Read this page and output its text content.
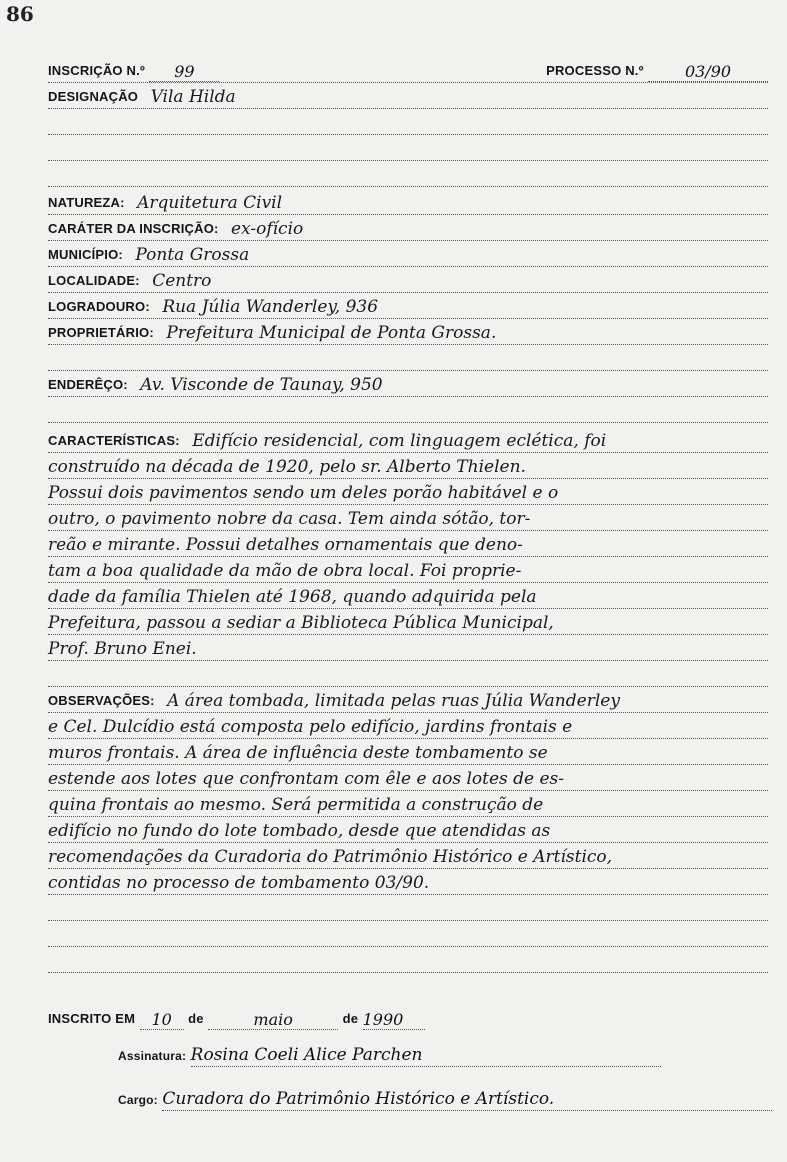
86
INSCRIÇÃO N.º 99	PROCESSO N.º	03/90
DESIGNAÇÃO Vila Hilda
NATUREZA: Arquitetura Civil
CARÁTER DA INSCRIÇÃO: ex-ofício
MUNICÍPIO: Ponta Grossa
LOCALIDADE: Centro
LOGRADOURO: Rua Júlia Wanderley, 936
PROPRIETÁRIO: Prefeitura Municipal de Ponta Grossa.
ENDERÊÇO: Av. Visconde de Taunay, 950
CARACTERÍSTICAS: Edifício residencial, com linguagem eclética, foi
construído na década de 1920, pelo sr. Alberto Thielen.
Possui dois pavimentos sendo um deles porão habitável e o
outro, o pavimento nobre da casa. Tem ainda sótão, tor-
reão e mirante. Possui detalhes ornamentais que deno-
tam a boa qualidade da mão de obra local. Foi proprie-
dade da família Thielen até 1968, quando adquirida pela
Prefeitura, passou a sediar a Biblioteca Pública Municipal,
Prof. Bruno Enei.
OBSERVAÇÕES: A área tombada, limitada pelas ruas Júlia Wanderley
e Cel. Dulcídio está composta pelo edifício, jardins frontais e
muros frontais. A área de influência deste tombamento se
estende aos lotes que confrontam com êle e aos lotes de es-
quina frontais ao mesmo. Será permitida a construção de
edifício no fundo do lote tombado, desde que atendidas as
recomendações da Curadoria do Patrimônio Histórico e Artístico,
contidas no processo de tombamento 03/90.
INSCRITO EM 10 de	maio	de 1990
Assinatura: Rosina Coeli Alice Parchen
Cargo: Curadora do Patrimônio Histórico e Artístico.
